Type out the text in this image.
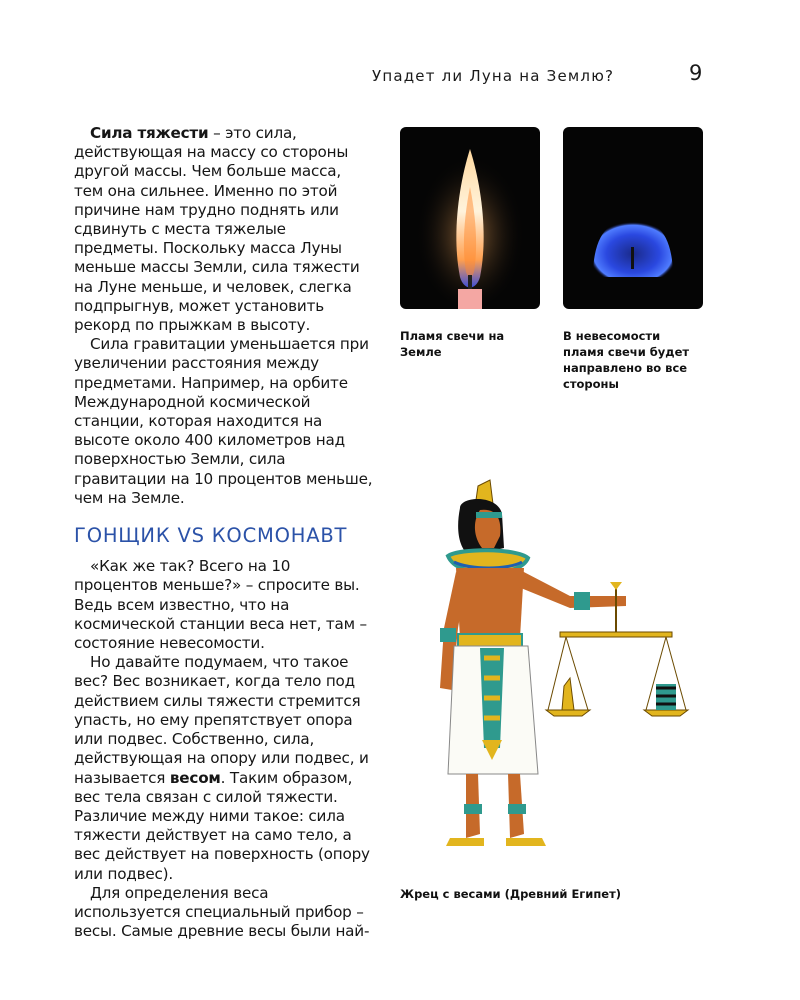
Упадет ли Луна на Землю?	9

Сила тяжести – это сила, действующая на массу со стороны другой массы. Чем больше масса, тем она сильнее. Именно по этой причине нам трудно поднять или сдвинуть с места тяжелые предметы. Поскольку масса Луны меньше массы Земли, сила тяжести на Луне меньше, и человек, слегка подпрыгнув, может установить рекорд по прыжкам в высоту.

Сила гравитации уменьшается при увеличении расстояния между предметами. Например, на орбите Международной космической станции, которая находится на высоте около 400 километров над поверхностью Земли, сила гравитации на 10 процентов меньше, чем на Земле.

ГОНЩИК VS КОСМОНАВТ

«Как же так? Всего на 10 процентов меньше?» – спросите вы. Ведь всем известно, что на космической станции веса нет, там – состояние невесомости.

Но давайте подумаем, что такое вес? Вес возникает, когда тело под действием силы тяжести стремится упасть, но ему препятствует опора или подвес. Собственно, сила, действующая на опору или подвес, и называется весом. Таким образом, вес тела связан с силой тяжести. Различие между ними такое: сила тяжести действует на само тело, а вес действует на поверхность (опору или подвес).

Для определения веса используется специальный прибор – весы. Самые древние весы были най-

Пламя свечи на Земле
В невесомости пламя свечи будет направлено во все стороны
Жрец с весами (Древний Египет)
